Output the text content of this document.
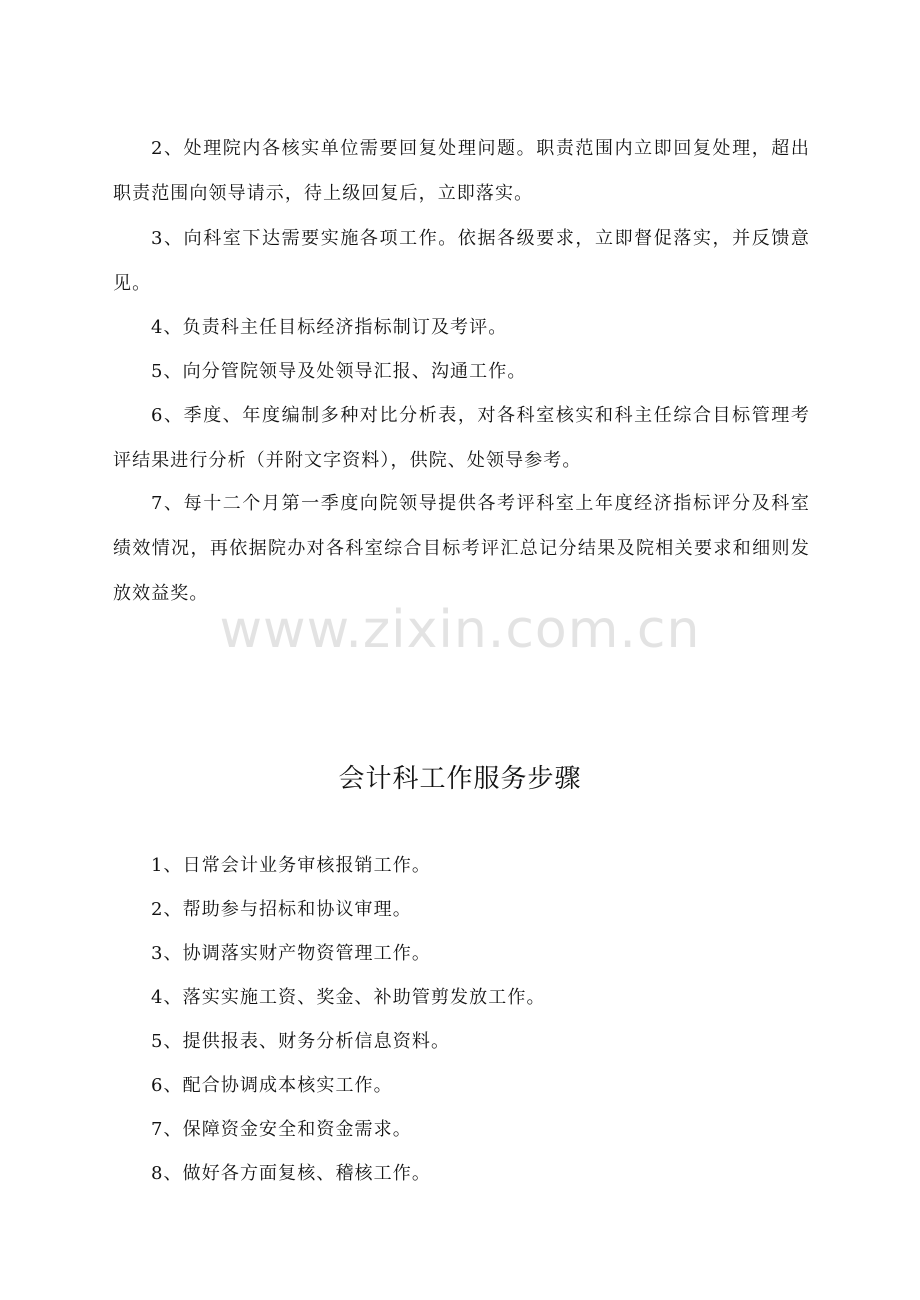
2、处理院内各核实单位需要回复处理问题。职责范围内立即回复处理，超出职责范围向领导请示，待上级回复后，立即落实。

3、向科室下达需要实施各项工作。依据各级要求，立即督促落实，并反馈意见。

4、负责科主任目标经济指标制订及考评。

5、向分管院领导及处领导汇报、沟通工作。

6、季度、年度编制多种对比分析表，对各科室核实和科主任综合目标管理考评结果进行分析（并附文字资料），供院、处领导参考。

7、每十二个月第一季度向院领导提供各考评科室上年度经济指标评分及科室绩效情况，再依据院办对各科室综合目标考评汇总记分结果及院相关要求和细则发放效益奖。

www.zixin.com.cn

会计科工作服务步骤

1、日常会计业务审核报销工作。

2、帮助参与招标和协议审理。

3、协调落实财产物资管理工作。

4、落实实施工资、奖金、补助管剪发放工作。

5、提供报表、财务分析信息资料。

6、配合协调成本核实工作。

7、保障资金安全和资金需求。

8、做好各方面复核、稽核工作。
